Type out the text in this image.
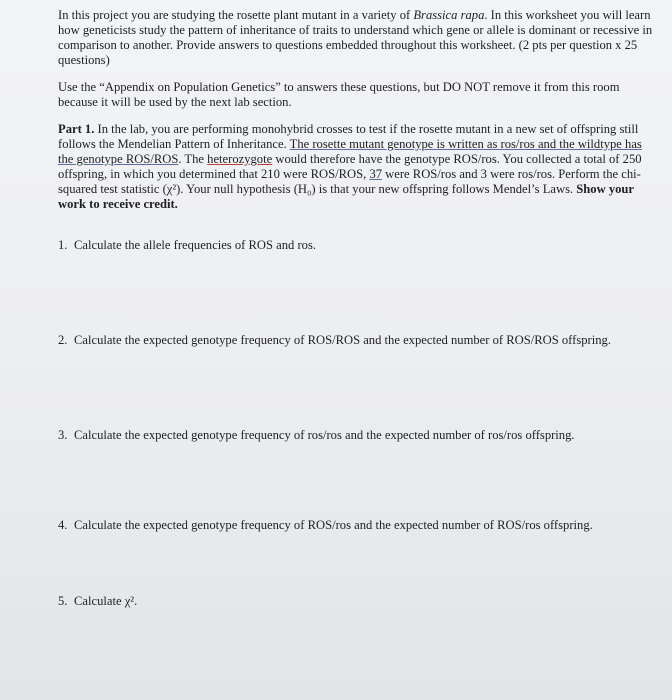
In this project you are studying the rosette plant mutant in a variety of Brassica rapa. In this worksheet you will learn how geneticists study the pattern of inheritance of traits to understand which gene or allele is dominant or recessive in comparison to another. Provide answers to questions embedded throughout this worksheet. (2 pts per question x 25 questions)

Use the “Appendix on Population Genetics” to answers these questions, but DO NOT remove it from this room because it will be used by the next lab section.

Part 1. In the lab, you are performing monohybrid crosses to test if the rosette mutant in a new set of offspring still follows the Mendelian Pattern of Inheritance. The rosette mutant genotype is written as ros/ros and the wildtype has the genotype ROS/ROS. The heterozygote would therefore have the genotype ROS/ros. You collected a total of 250 offspring, in which you determined that 210 were ROS/ROS, 37 were ROS/ros and 3 were ros/ros. Perform the chi-squared test statistic (χ²). Your null hypothesis (H₀) is that your new offspring follows Mendel’s Laws. Show your work to receive credit.

1. Calculate the allele frequencies of ROS and ros.
2. Calculate the expected genotype frequency of ROS/ROS and the expected number of ROS/ROS offspring.
3. Calculate the expected genotype frequency of ros/ros and the expected number of ros/ros offspring.
4. Calculate the expected genotype frequency of ROS/ros and the expected number of ROS/ros offspring.
5. Calculate χ².
